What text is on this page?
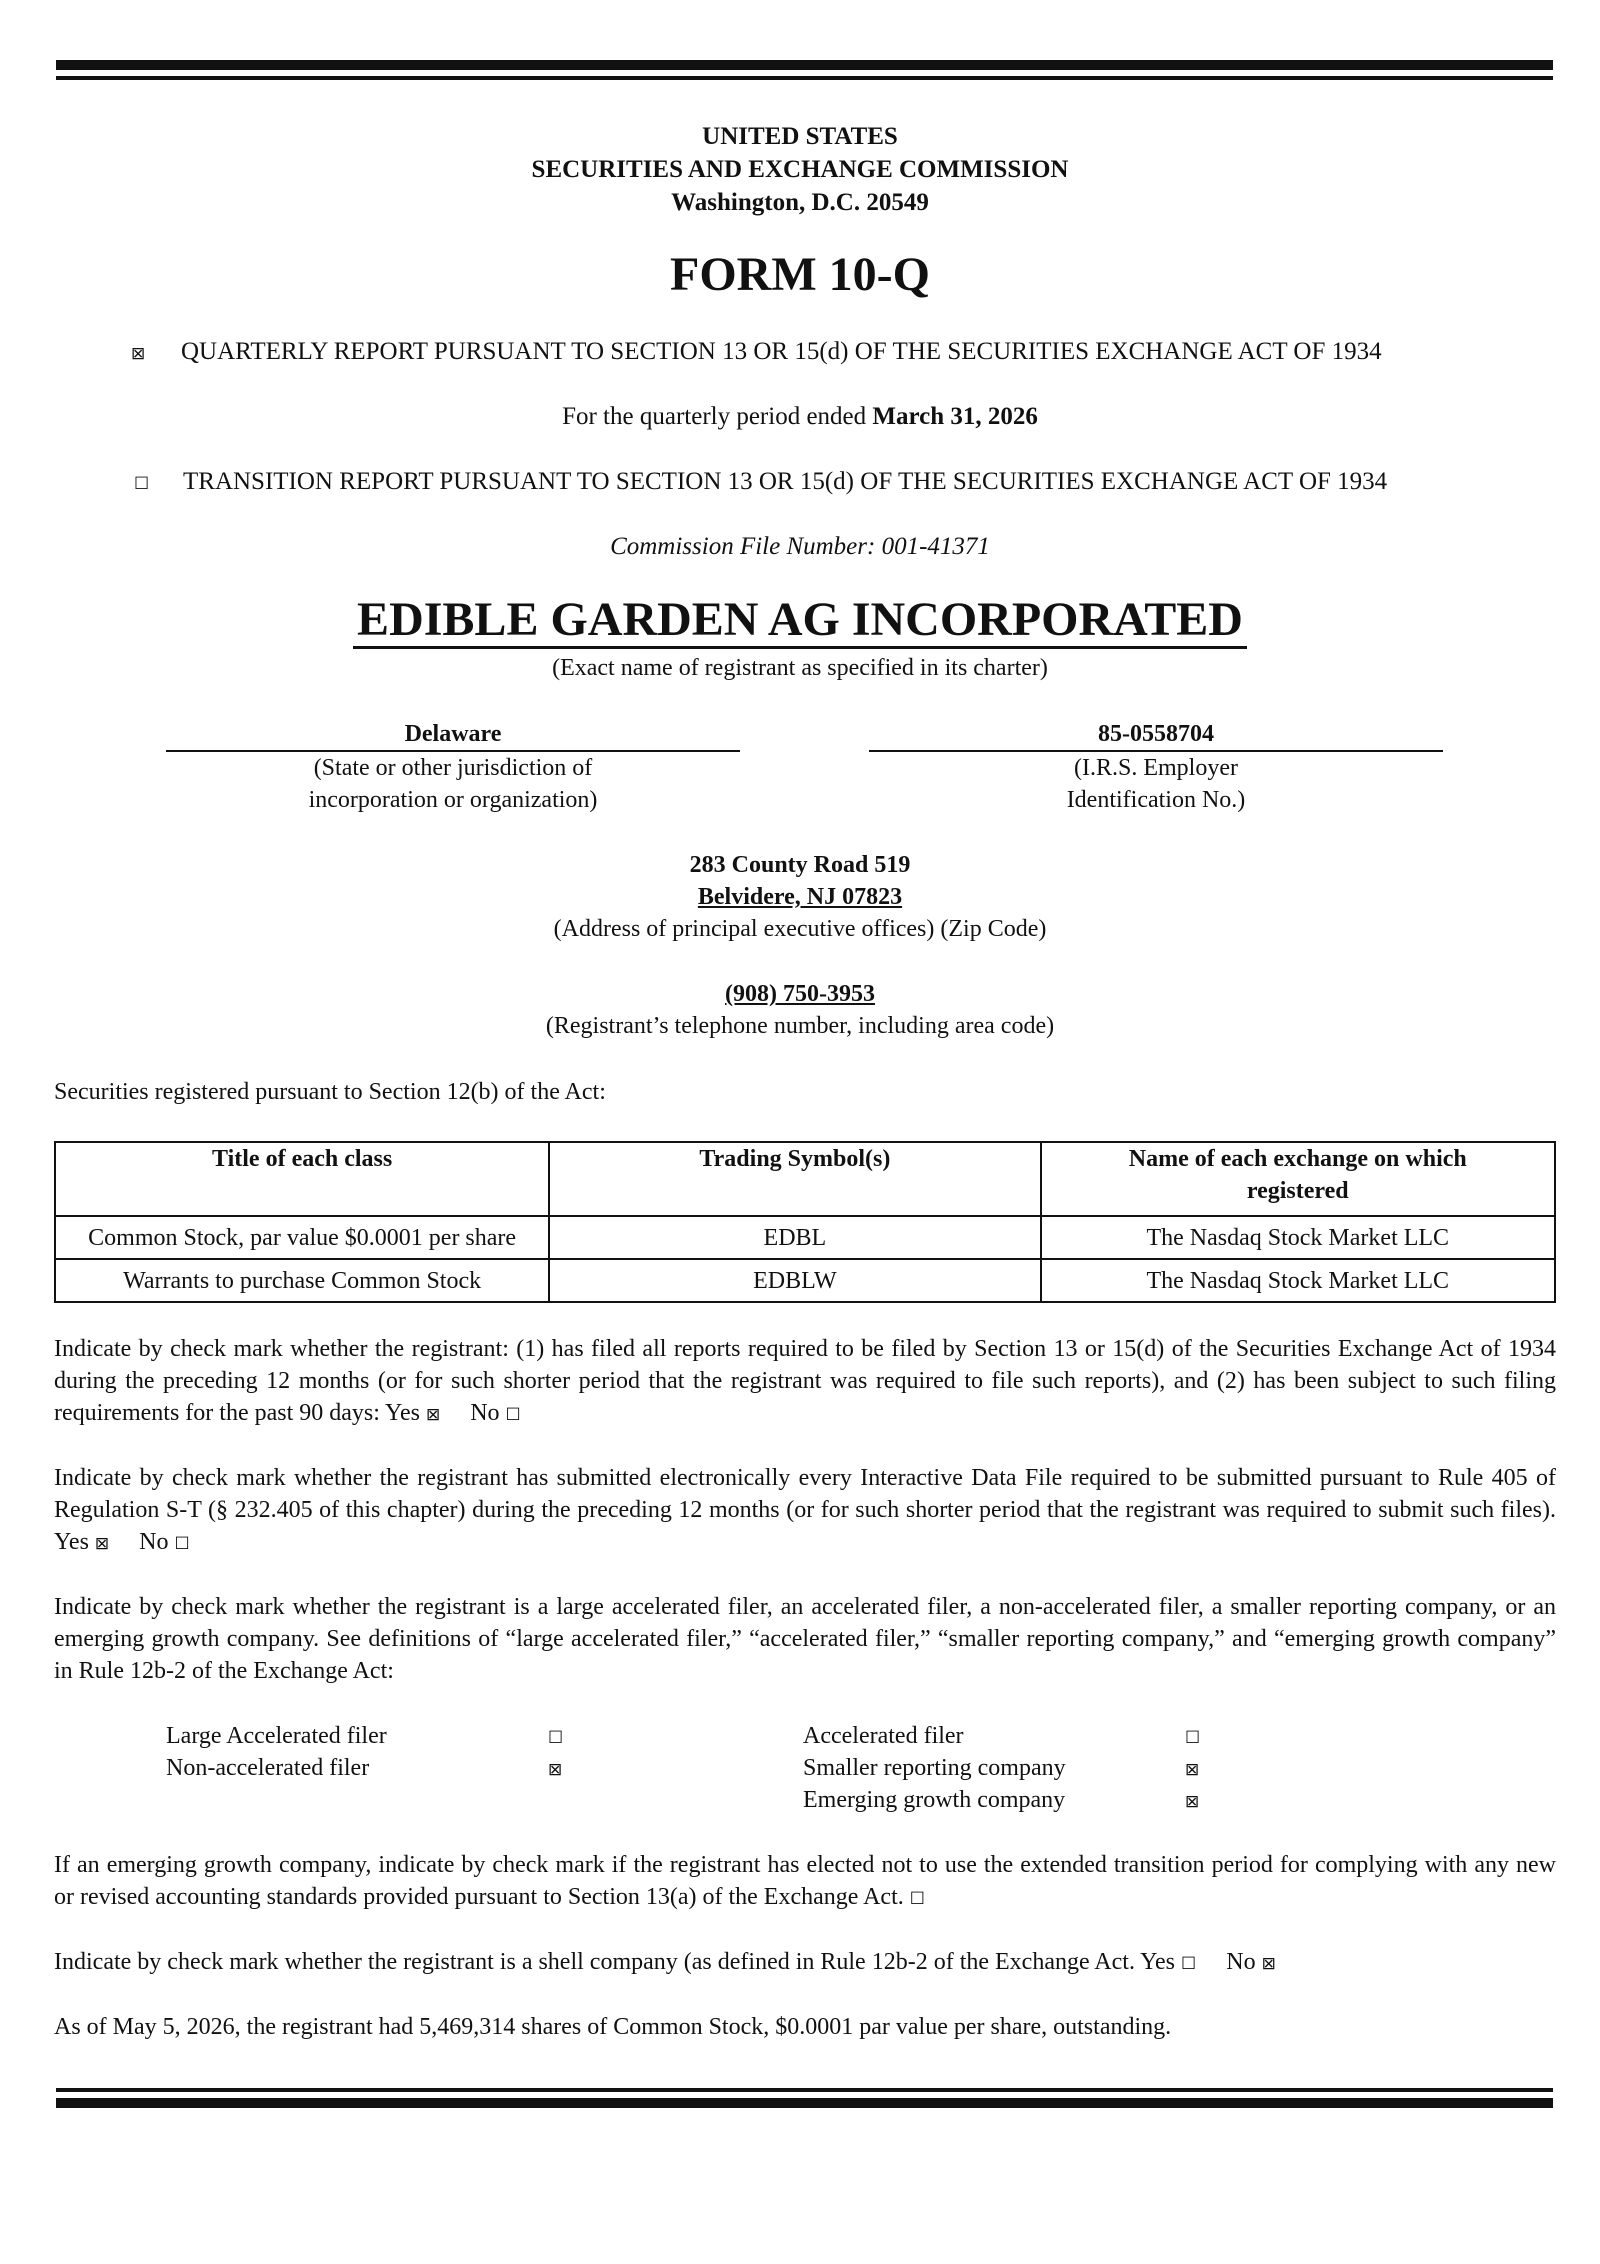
UNITED STATES
SECURITIES AND EXCHANGE COMMISSION
Washington, D.C. 20549
FORM 10-Q
⊠ QUARTERLY REPORT PURSUANT TO SECTION 13 OR 15(d) OF THE SECURITIES EXCHANGE ACT OF 1934
For the quarterly period ended March 31, 2026
☐ TRANSITION REPORT PURSUANT TO SECTION 13 OR 15(d) OF THE SECURITIES EXCHANGE ACT OF 1934
Commission File Number: 001-41371
EDIBLE GARDEN AG INCORPORATED
(Exact name of registrant as specified in its charter)
Delaware
(State or other jurisdiction of
incorporation or organization)
85-0558704
(I.R.S. Employer
Identification No.)
283 County Road 519
Belvidere, NJ 07823
(Address of principal executive offices) (Zip Code)
(908) 750-3953
(Registrant’s telephone number, including area code)
Securities registered pursuant to Section 12(b) of the Act:
Title of each class	Trading Symbol(s)	Name of each exchange on which registered
Common Stock, par value $0.0001 per share	EDBL	The Nasdaq Stock Market LLC
Warrants to purchase Common Stock	EDBLW	The Nasdaq Stock Market LLC
Indicate by check mark whether the registrant: (1) has filed all reports required to be filed by Section 13 or 15(d) of the Securities Exchange Act of 1934 during the preceding 12 months (or for such shorter period that the registrant was required to file such reports), and (2) has been subject to such filing requirements for the past 90 days: Yes ⊠ No ☐
Indicate by check mark whether the registrant has submitted electronically every Interactive Data File required to be submitted pursuant to Rule 405 of Regulation S-T (§ 232.405 of this chapter) during the preceding 12 months (or for such shorter period that the registrant was required to submit such files). Yes ⊠ No ☐
Indicate by check mark whether the registrant is a large accelerated filer, an accelerated filer, a non-accelerated filer, a smaller reporting company, or an emerging growth company. See definitions of “large accelerated filer,” “accelerated filer,” “smaller reporting company,” and “emerging growth company” in Rule 12b-2 of the Exchange Act:
Large Accelerated filer	☐
Non-accelerated filer	⊠
Accelerated filer	☐
Smaller reporting company	⊠
Emerging growth company	⊠
If an emerging growth company, indicate by check mark if the registrant has elected not to use the extended transition period for complying with any new or revised accounting standards provided pursuant to Section 13(a) of the Exchange Act. ☐
Indicate by check mark whether the registrant is a shell company (as defined in Rule 12b-2 of the Exchange Act. Yes ☐ No ⊠
As of May 5, 2026, the registrant had 5,469,314 shares of Common Stock, $0.0001 par value per share, outstanding.
